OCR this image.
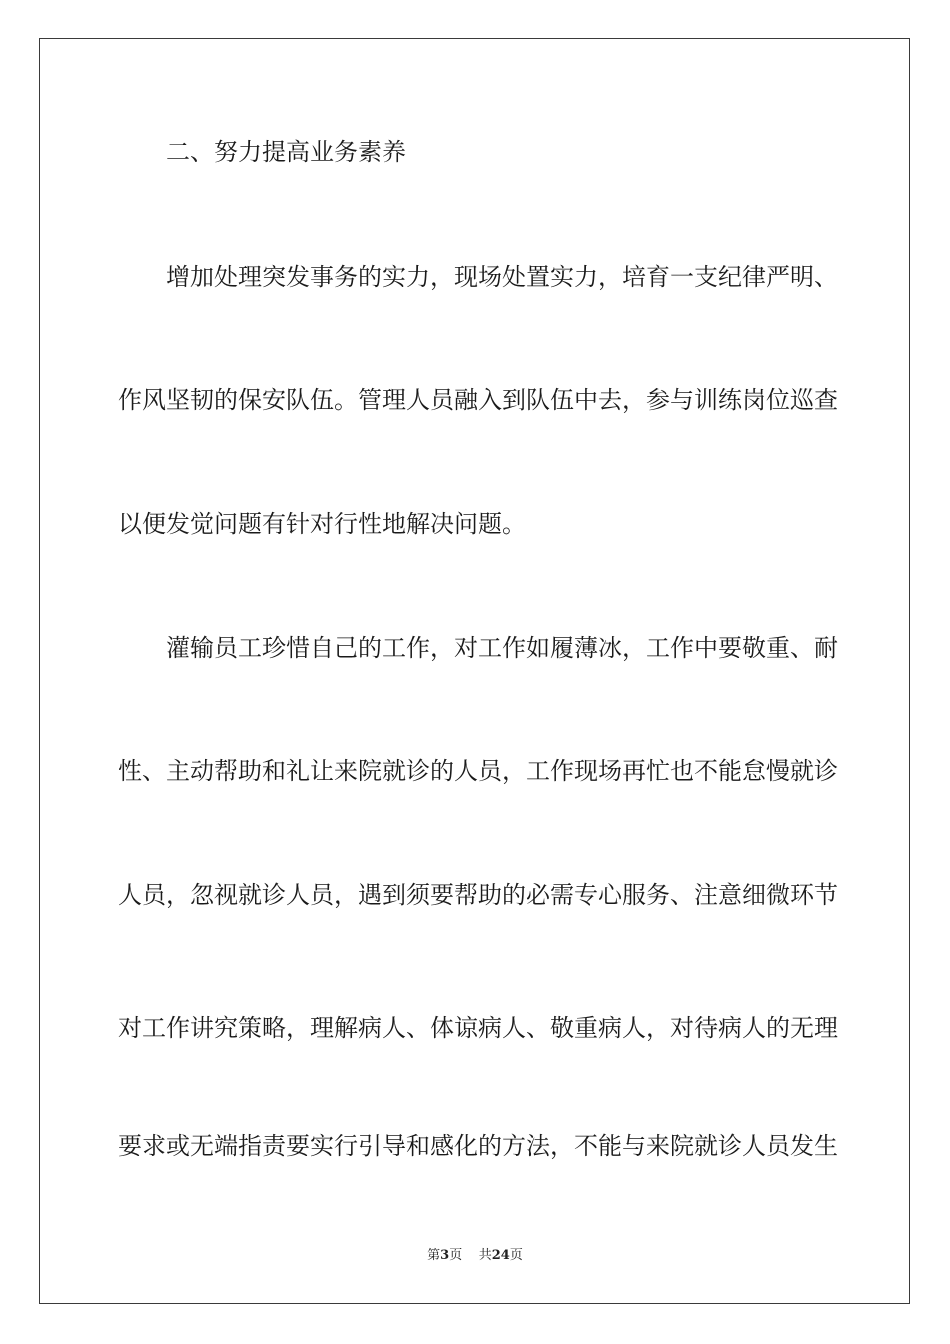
二、努力提高业务素养

增加处理突发事务的实力，现场处置实力，培育一支纪律严明、

作风坚韧的保安队伍。管理人员融入到队伍中去，参与训练岗位巡查

以便发觉问题有针对行性地解决问题。

灌输员工珍惜自己的工作，对工作如履薄冰，工作中要敬重、耐

性、主动帮助和礼让来院就诊的人员，工作现场再忙也不能怠慢就诊

人员，忽视就诊人员，遇到须要帮助的必需专心服务、注意细微环节

对工作讲究策略，理解病人、体谅病人、敬重病人，对待病人的无理

要求或无端指责要实行引导和感化的方法，不能与来院就诊人员发生

第3页 共24页
